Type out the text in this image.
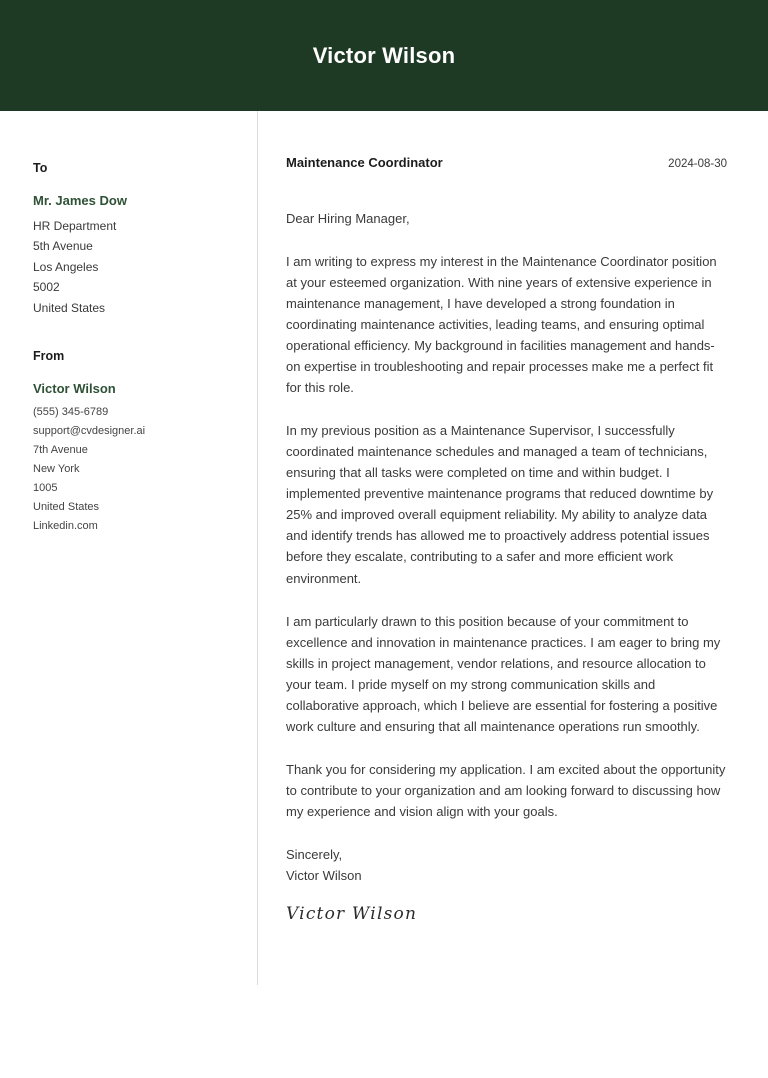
Victor Wilson
To
Mr. James Dow
HR Department
5th Avenue
Los Angeles
5002
United States
From
Victor Wilson
(555) 345-6789
support@cvdesigner.ai
7th Avenue
New York
1005
United States
Linkedin.com
Maintenance Coordinator	2024-08-30

Dear Hiring Manager,

I am writing to express my interest in the Maintenance Coordinator position at your esteemed organization. With nine years of extensive experience in maintenance management, I have developed a strong foundation in coordinating maintenance activities, leading teams, and ensuring optimal operational efficiency. My background in facilities management and hands-on expertise in troubleshooting and repair processes make me a perfect fit for this role.

In my previous position as a Maintenance Supervisor, I successfully coordinated maintenance schedules and managed a team of technicians, ensuring that all tasks were completed on time and within budget. I implemented preventive maintenance programs that reduced downtime by 25% and improved overall equipment reliability. My ability to analyze data and identify trends has allowed me to proactively address potential issues before they escalate, contributing to a safer and more efficient work environment.

I am particularly drawn to this position because of your commitment to excellence and innovation in maintenance practices. I am eager to bring my skills in project management, vendor relations, and resource allocation to your team. I pride myself on my strong communication skills and collaborative approach, which I believe are essential for fostering a positive work culture and ensuring that all maintenance operations run smoothly.

Thank you for considering my application. I am excited about the opportunity to contribute to your organization and am looking forward to discussing how my experience and vision align with your goals.

Sincerely,
Victor Wilson
Victor Wilson
